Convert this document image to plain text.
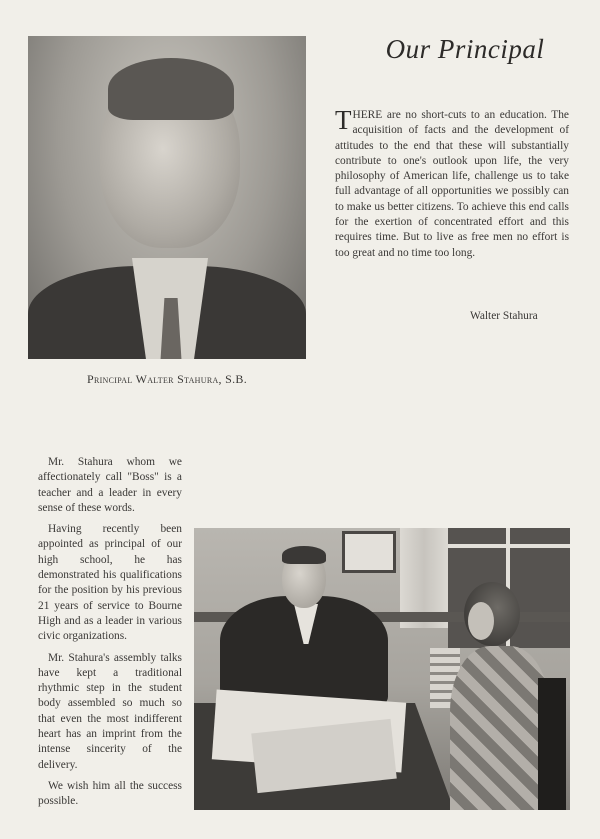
Principal Walter Stahura, S.B.
Our Principal
THERE are no short-cuts to an education. The acquisition of facts and the development of attitudes to the end that these will substantially contribute to one's outlook upon life, the very philosophy of American life, challenge us to take full advantage of all opportunities we possibly can to make us better citizens. To achieve this end calls for the exertion of concentrated effort and this requires time. But to live as free men no effort is too great and no time too long.
Walter Stahura

Mr. Stahura whom we affectionately call "Boss" is a teacher and a leader in every sense of these words.

Having recently been appointed as principal of our high school, he has demonstrated his qualifications for the position by his previous 21 years of service to Bourne High and as a leader in various civic organizations.

Mr. Stahura's assembly talks have kept a traditional rhythmic step in the student body assembled so much so that even the most indifferent heart has an imprint from the intense sincerity of the delivery.

We wish him all the success possible.
